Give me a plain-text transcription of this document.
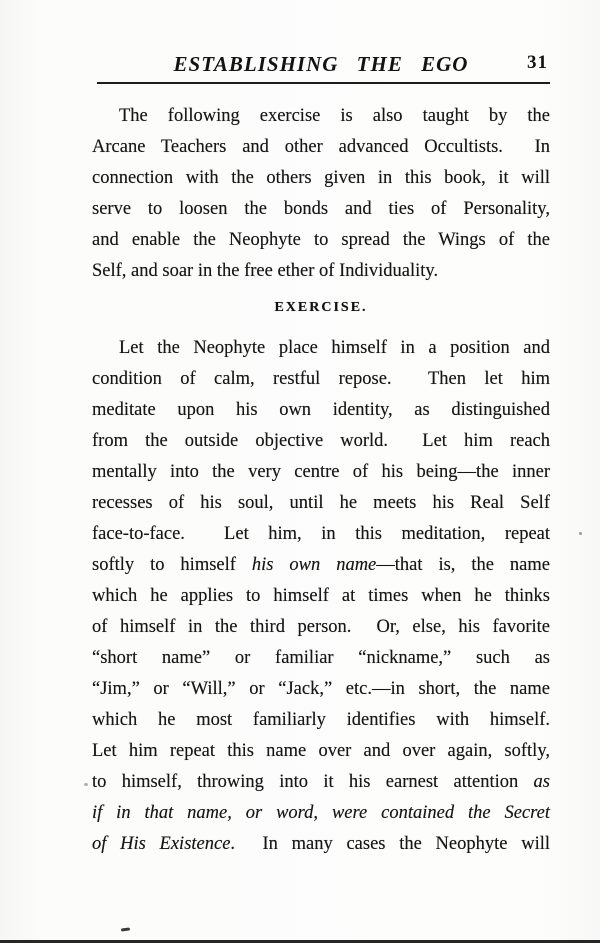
ESTABLISHING THE EGO	31
The following exercise is also taught by the
Arcane Teachers and other advanced Occultists.  In
connection with the others given in this book, it will
serve to loosen the bonds and ties of Personality,
and enable the Neophyte to spread the Wings of the
Self, and soar in the free ether of Individuality.
EXERCISE.
Let the Neophyte place himself in a position and
condition of calm, restful repose.  Then let him
meditate upon his own identity, as distinguished
from the outside objective world.  Let him reach
mentally into the very centre of his being—the inner
recesses of his soul, until he meets his Real Self
face-to-face.  Let him, in this meditation, repeat
softly to himself his own name—that is, the name
which he applies to himself at times when he thinks
of himself in the third person.  Or, else, his favorite
“short name” or familiar “nickname,” such as
“Jim,” or “Will,” or “Jack,” etc.—in short, the name
which he most familiarly identifies with himself.
Let him repeat this name over and over again, softly,
to himself, throwing into it his earnest attention as
if in that name, or word, were contained the Secret
of His Existence.  In many cases the Neophyte will
